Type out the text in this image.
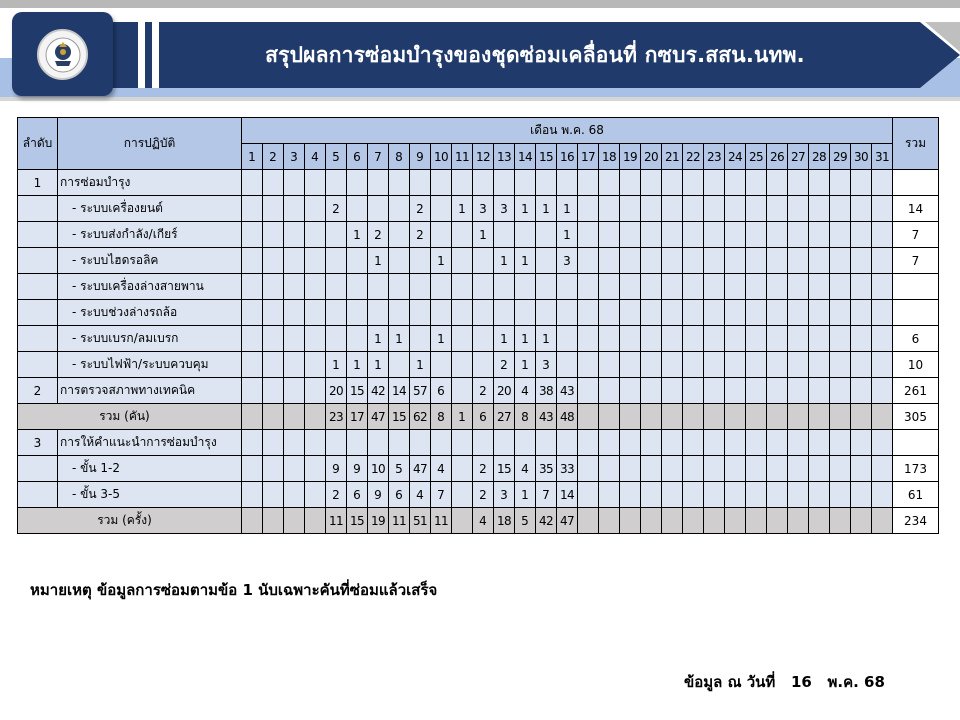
สรุปผลการซ่อมบำรุงของชุดซ่อมเคลื่อนที่ กซบร.สสน.นทพ.
ลำดับ	การปฏิบัติ	เดือน พ.ค. 68																															รวม
		1	2	3	4	5	6	7	8	9	10	11	12	13	14	15	16	17	18	19	20	21	22	23	24	25	26	27	28	29	30	31	
1	การซ่อมบำรุง																																
	- ระบบเครื่องยนต์					2				2		1	3	3	1	1	1																14
	- ระบบส่งกำลัง/เกียร์						1	2		2			1				1																7
	- ระบบไฮดรอลิค							1			1			1	1		3																7
	- ระบบเครื่องล่างสายพาน																																
	- ระบบช่วงล่างรถล้อ																																
	- ระบบเบรก/ลมเบรก							1	1		1			1	1	1																	6
	- ระบบไฟฟ้า/ระบบควบคุม					1	1	1		1				2	1	3																	10
2	การตรวจสภาพทางเทคนิค					20	15	42	14	57	6		2	20	4	38	43																261
รวม (คัน)						23	17	47	15	62	8	1	6	27	8	43	48																305
3	การให้คำแนะนำการซ่อมบำรุง																																
	- ขั้น 1-2					9	9	10	5	47	4		2	15	4	35	33																173
	- ขั้น 3-5					2	6	9	6	4	7		2	3	1	7	14																61
รวม (ครั้ง)						11	15	19	11	51	11		4	18	5	42	47																234
หมายเหตุ ข้อมูลการซ่อมตามข้อ 1 นับเฉพาะคันที่ซ่อมแล้วเสร็จ
ข้อมูล ณ วันที่ 16 พ.ค. 68
